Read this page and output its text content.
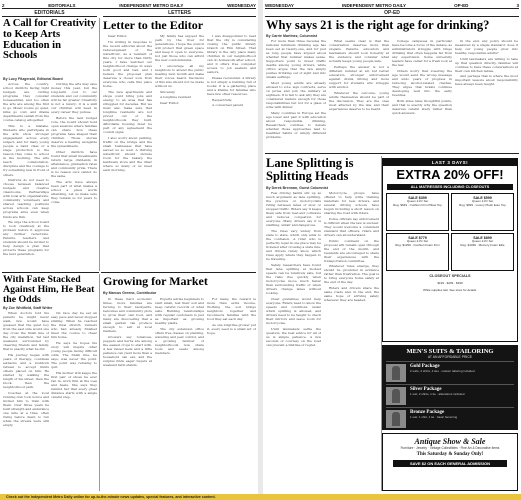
2	EDITORIALS	INDEPENDENT METRO DAILY	WEDNESDAY
EDITORIALS	LETTERS
A Call for Creativity to Keep Arts Education in Schools
By Lucy Fitzgerald, Editorial Board

Across the country, school districts facing tight budgets are cutting programs they consider nonessential, and too often the arts are among the first to go. Music rooms go quiet, kilns go cold, and drama departments vanish from the course catalog altogether.

This is a mistake. Students who participate in the arts show stronger engagement across every subject, and for many young people a band class or a stage production is the reason they come to school in the morning. The arts teach collaboration, discipline and the courage to try something new in front of others.

Districts do not need to choose between balanced budgets and creative classrooms. Partnerships with local arts organizations, community volunteers and shared teaching positions across schools can keep programs alive even when funds are thin.

We urge the school board to look creatively at the problem before it approves any further reductions. Parents, teachers and students should be invited to help design a plan that protects these programs for the next generation.

Cutting the arts may save money this year, but the long-term cost to our students and our community will be far greater. Creativity is not a luxury; it is a skill our children will need in every career they pursue.

Before the next budget vote, the board should hold open sessions where families can share how these programs have shaped their children. Those stories deserve a hearing alongside the spreadsheets.

Other districts have found that small investments return large dividends in attendance, graduation rates and community pride. There is no reason ours cannot do the same.

The arts have always been part of what makes a school a place worth attending. Let us make sure they remain so for years to come.

Letter to the Editor

Dear Editor,

I'm writing in response to the recent editorial about the redevelopment of the waterfront. As a resident of this city for more than thirty years, I have watched our neighborhood change in ways both good and bad, and I believe the proposed plan deserves a closer look from everyone who calls this place home.

The new apartments and shops could bring jobs and energy to an area that has struggled for decades. But we must also make sure that longtime residents are not priced out of the neighborhoods they built. Affordable housing must be part of any agreement the council signs.

I also worry about parking, traffic on the bridge and the small businesses that have served us so well. A thriving waterfront should include room for the bakery, the hardware store and the diner where so many of us meet each morning.

My family has enjoyed the park by the river for generations. I hope the council will protect that green space and keep it open to everyone, not just those who can afford the new condominiums.

I encourage all my neighbors to attend the public hearing next month and make their voices heard. Decisions of this size should not be made without us.

Sincerely,

A longtime resident

Dear Editor,

I was disappointed to read that the city is considering closing the public library branch on Elm Street. That library is the only place many children in our neighborhood can do homework after school, and it offers free computer access to job seekers and seniors.

Please reconsider. A library is not simply a building full of books; it is a gathering place and a lifeline for families who have few other resources.

Respectfully,

A concerned parent

With Fate Stacked Against Him, He Beat the Odds
By Zoe Whitfield, Staff Writer

When doctors told his parents he might never walk, few would have guessed that the quiet boy from the east side would one day cross the finish line of the city marathon. Yet last weekend, surrounded by cheering friends and family, that is exactly what he did.

His journey began with years of therapy, countless setbacks and a stubborn refusal to accept limits others placed on him. He started by walking the length of his street, then the block, then the neighborhood park.

Coaches at the local running club took notice and invited him to train with them. Over three years he built strength and endurance one mile at a time, often rising before dawn to run while the streets were still empty.

On race day he set an easy pace and never stopped smiling. When he reached the final stretch, runners who had already finished lined the course to cheer him home.

He says he hopes his story will inspire other young people facing difficult odds. The finish line, he says, was never the point. The point was refusing to quit.

His mother still keeps the first pair of shoes he ever ran in, worn thin at the toes and heels. She says they remind her that every great distance starts with a single careful step.

Growing for Market
By Marcus Greene, Contributor

In these hard economic times, more families are turning to their backyards, balconies and community plots to grow their own food, and many are discovering that a small garden can produce enough to sell at local markets.

Growers say tomatoes, peppers and herbs are among the easiest crops to start with. A few raised beds and a little patience can yield more than a household can eat, and the surplus finds eager buyers at weekend farm stands.

Experts advise beginners to start small, test their soil and keep careful records of what sells. Building relationships with regular customers is just as important as growing healthy plants.

The city extension office offers free classes on planting, watering and pest control, and a growing number of neighborhoods now share tools and seeds among members.

For many, the reward is more than extra income. Working the soil brings neighbors together and reconnects families with the food they eat each day.

As one longtime grower put it, every seed is a small act of hope.

WEDNESDAY	INDEPENDENT METRO DAILY	OP-ED	3
OP-ED
Why says 21 is the right age for drinking?
By Carrie Martinez, Columnist

For more than three decades the national minimum drinking age has been set at twenty-one, and for just as long people have argued about whether that number makes sense. Supporters point to fewer traffic deaths among young drivers, while critics argue that the law simply pushes drinking out of sight and into unsafe settings.

Most young adults are already allowed to vote, sign contracts, serve on juries and join the military at eighteen. It is fair to ask why they are considered mature enough for those responsibilities but not for a glass of wine with dinner.

Many countries in Europe set the age lower and pair it with education about responsible drinking. Researchers continue to debate whether those approaches lead to healthier habits or simply different problems.

What seems clear is that the conversation deserves more than slogans. Parents, educators and lawmakers should look honestly at the evidence and consider what actually keeps young people safe.

Perhaps the answer is not a different number at all, but better education, stronger enforcement against drunk driving and more support for students who struggle with alcohol.

Whatever the outcome, young adults themselves should be part of the discussion. They are the ones most affected by the law, and their experiences deserve to be heard.

College campuses in particular have become a focus of the debate, as administrators struggle with binge drinking that often happens far from any supervision. Some university leaders have called for a fresh look at the law.

Others worry that lowering the age would send the wrong message and undo years of progress in reducing alcohol-related crashes. They argue that brains continue developing well into the early twenties.

Both sides raise thoughtful points, and that is exactly why the question deserves careful study rather than quick answers.

In the end, any policy should be measured by a single standard: does it help our young people grow into healthy, responsible adults?

Until lawmakers are willing to take up that question directly, families will continue to have these conversations at their own kitchen tables.

And perhaps that is where the most important lessons about responsibility have always been taught.

Lane Splitting is Splitting Heads
By Derek Brennan, Guest Columnist

Few driving habits stir up as much argument as lane splitting, the practice of motorcyclists riding between lanes of slow or stopped traffic. Riders say it keeps them safe from rear-end collisions and reduces congestion for everyone. Many drivers say it is startling, unfair and dangerous.

The rules vary widely from state to state, which only adds to the confusion. A rider who is perfectly legal in one place may be ticketed after crossing a state line, and drivers rarely know which rules apply where they happen to be traveling.

Safety researchers have found that lane splitting at modest speeds can be relatively safe, but the risks rise quickly when motorcycles move much faster than surrounding traffic or when drivers change lanes without looking.

Clear guidelines would help everyone. Riders need to know the speeds and conditions under which splitting is allowed, and drivers need to be taught to check their mirrors and leave room for motorcycles.

Until lawmakers settle the question, the best advice for all of us is simple patience. A few seconds of courtesy on the road can prevent a lifetime of regret.

Motorcycle groups have offered to help write training materials for new drivers, and several driving schools have begun including a short lesson on sharing the road with riders.

Police officials say enforcement is difficult when the law is unclear. They would welcome a consistent standard that officers, riders and drivers can all understand.

Public comment on the proposal will remain open through the end of the month, and residents are encouraged to share their experiences with the transportation committee.

Whatever rules emerge, they should be grounded in evidence rather than frustration. The goal is to bring everyone home safely at the end of the day.

Riders and drivers share the same roads and, in the end, the same hope of arriving safely wherever they are headed.

LAST 3 DAYS!
EXTRA 20% OFF!
ALL MATRESSES INCLUDING CLOSEOUTS
SALE $399
Queen 2-Pc Set
Reg. $649 · Cushion Firm Pillow Top
SALE $599
Queen 2-Pc Set
Reg. $999 · Luxury Plush Euro Top
SALE $779
Queen 2-Pc Set
Reg. $1299 · Cushion Foam Firm
SALE $899
Queen 2-Pc Set
Reg. $1499 · Memory Foam Elite
CLOSEOUT SPECIALS
$199 · $299 · $399
While supplies last. See store for details.
MEN'S SUITS & TAILORING
AT AN AFFORDABLE PRICE
Gold Package
2 suits, 2 shirts, 2 ties · custom tailoring included
Silver Package
1 suit, 2 shirts, 1 tie · alterations included
Bronze Package
1 suit, 1 shirt, 1 tie · basic hemming
Antique Show & Sale
Furniture · Jewelry · Vintage Collectibles · Fine Art & Decorative Items
This Saturday & Sunday Only!
SAVE $2 ON EACH GENERAL ADMISSION
Check out the Independent Metro Daily online for up-to-the-minute news updates, special features, and interactive content.
